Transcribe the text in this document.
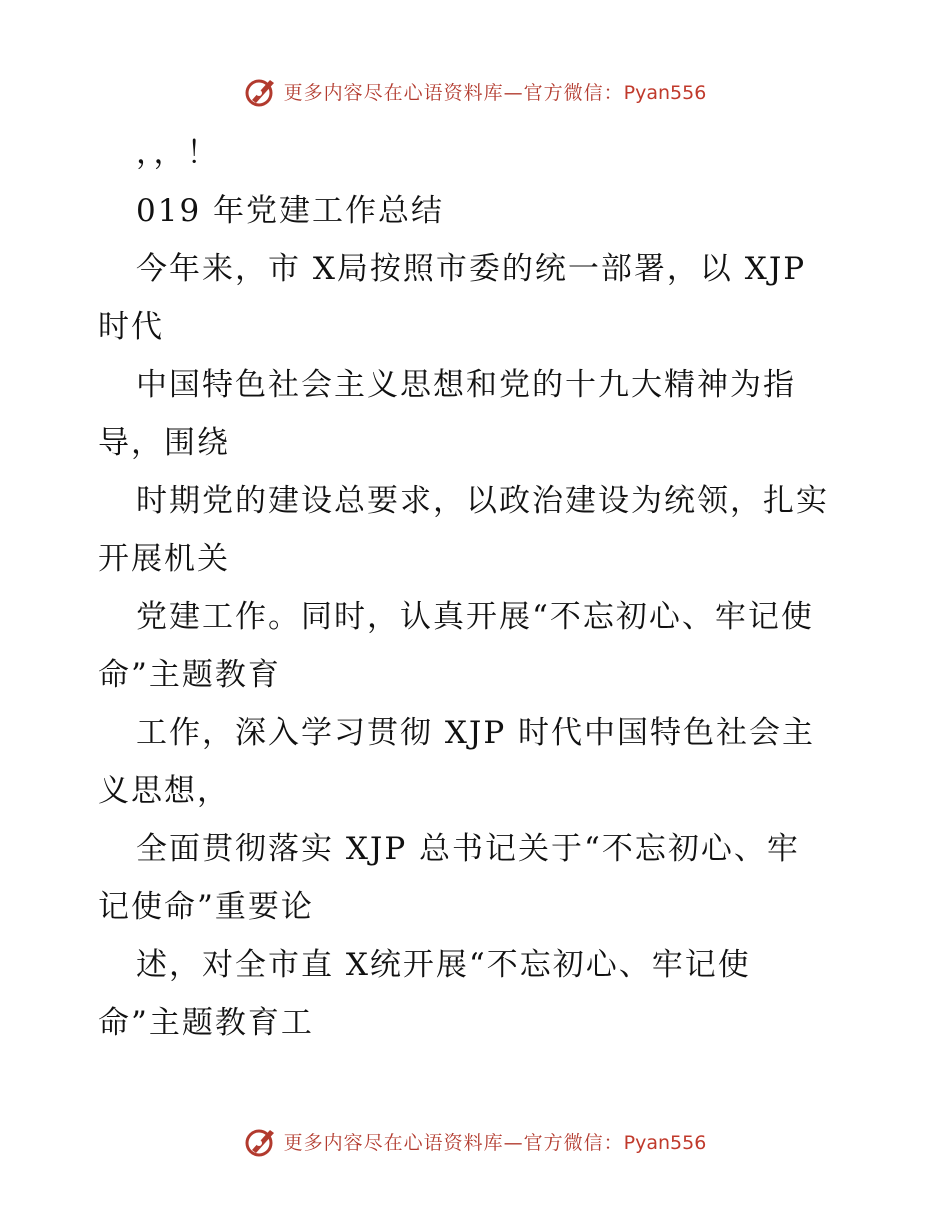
更多内容尽在心语资料库—官方微信：Pyan556
，，！
019 年党建工作总结
今年来，市 X局按照市委的统一部署，以 XJP
时代
中国特色社会主义思想和党的十九大精神为指
导，围绕
时期党的建设总要求，以政治建设为统领，扎实
开展机关
党建工作。同时，认真开展“不忘初心、牢记使
命”主题教育
工作，深入学习贯彻 XJP 时代中国特色社会主
义思想，
全面贯彻落实 XJP 总书记关于“不忘初心、牢
记使命”重要论
述，对全市直 X统开展“不忘初心、牢记使
命”主题教育工
更多内容尽在心语资料库—官方微信：Pyan556
